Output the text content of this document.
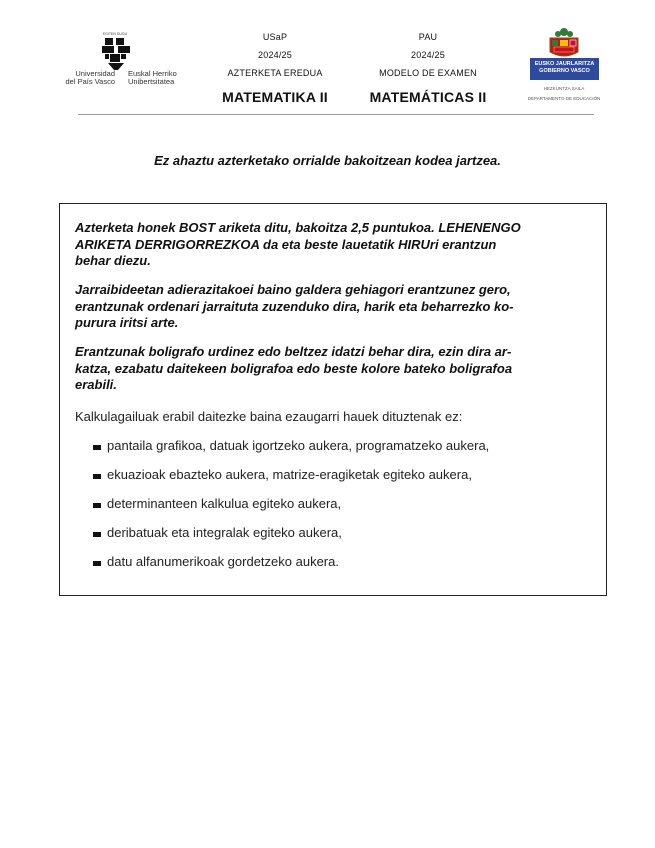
EGITEN DUGU
Universidad
del País Vasco
Euskal Herriko
Unibertsitatea
USaP
2024/25
AZTERKETA EREDUA
MATEMATIKA II
PAU
2024/25
MODELO DE EXAMEN
MATEMÁTICAS II
EUSKO JAURLARITZA
GOBIERNO VASCO
HEZKUNTZA SAILA
DEPARTAMENTO DE EDUCACIÓN
Ez ahaztu azterketako orrialde bakoitzean kodea jartzea.
Azterketa honek BOST ariketa ditu, bakoitza 2,5 puntukoa. LEHENENGO
ARIKETA DERRIGORREZKOA da eta beste lauetatik HIRUri erantzun
behar diezu.
Jarraibideetan adierazitakoei baino galdera gehiagori erantzunez gero,
erantzunak ordenari jarraituta zuzenduko dira, harik eta beharrezko ko-
purura iritsi arte.
Erantzunak boligrafo urdinez edo beltzez idatzi behar dira, ezin dira ar-
katza, ezabatu daitekeen boligrafoa edo beste kolore bateko boligrafoa
erabili.
Kalkulagailuak erabil daitezke baina ezaugarri hauek dituztenak ez:
pantaila grafikoa, datuak igortzeko aukera, programatzeko aukera,
ekuazioak ebazteko aukera, matrize-eragiketak egiteko aukera,
determinanteen kalkulua egiteko aukera,
deribatuak eta integralak egiteko aukera,
datu alfanumerikoak gordetzeko aukera.
